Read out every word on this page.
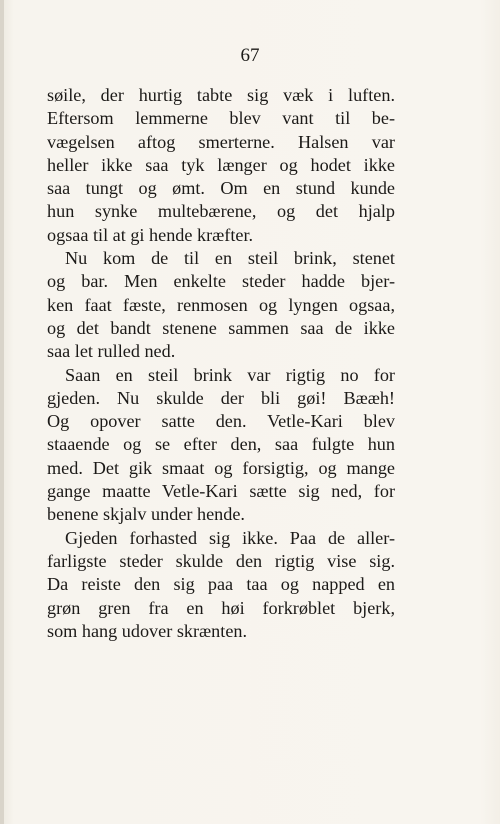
67
søile, der hurtig tabte sig væk i luften.
Eftersom lemmerne blev vant til be-
vægelsen aftog smerterne. Halsen var
heller ikke saa tyk længer og hodet ikke
saa tungt og ømt. Om en stund kunde
hun synke multebærene, og det hjalp
ogsaa til at gi hende kræfter.
Nu kom de til en steil brink, stenet
og bar. Men enkelte steder hadde bjer-
ken faat fæste, renmosen og lyngen ogsaa,
og det bandt stenene sammen saa de ikke
saa let rulled ned.
Saan en steil brink var rigtig no for
gjeden. Nu skulde der bli gøi! Bææh!
Og opover satte den. Vetle-Kari blev
staaende og se efter den, saa fulgte hun
med. Det gik smaat og forsigtig, og mange
gange maatte Vetle-Kari sætte sig ned, for
benene skjalv under hende.
Gjeden forhasted sig ikke. Paa de aller-
farligste steder skulde den rigtig vise sig.
Da reiste den sig paa taa og napped en
grøn gren fra en høi forkrøblet bjerk,
som hang udover skrænten.
